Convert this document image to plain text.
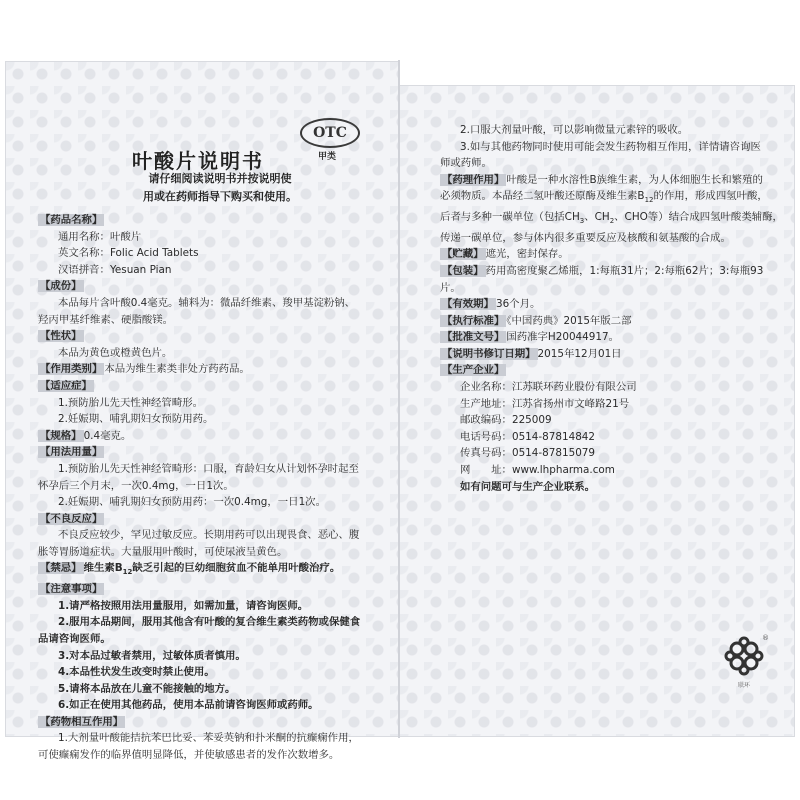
OTC
甲类
叶酸片说明书
请仔细阅读说明书并按说明使
用或在药师指导下购买和使用。
【药品名称】
通用名称：叶酸片
英文名称：Folic Acid Tablets
汉语拼音：Yesuan Pian
【成份】
本品每片含叶酸0.4毫克。辅料为：微晶纤维素、羧甲基淀粉钠、
羟丙甲基纤维素、硬脂酸镁。
【性状】
本品为黄色或橙黄色片。
【作用类别】 本品为维生素类非处方药药品。
【适应症】
1.预防胎儿先天性神经管畸形。
2.妊娠期、哺乳期妇女预防用药。
【规格】 0.4毫克。
【用法用量】
1.预防胎儿先天性神经管畸形：口服，育龄妇女从计划怀孕时起至
怀孕后三个月末，一次0.4mg，一日1次。
2.妊娠期、哺乳期妇女预防用药：一次0.4mg，一日1次。
【不良反应】
不良反应较少，罕见过敏反应。长期用药可以出现畏食、恶心、腹
胀等胃肠道症状。大量服用叶酸时，可使尿液呈黄色。
【禁忌】 维生素$B_{12}$缺乏引起的巨幼细胞贫血不能单用叶酸治疗。
【注意事项】
1.请严格按照用法用量服用，如需加量，请咨询医师。
2.服用本品期间，服用其他含有叶酸的复合维生素类药物或保健食
品请咨询医师。
3.对本品过敏者禁用，过敏体质者慎用。
4.本品性状发生改变时禁止使用。
5.请将本品放在儿童不能接触的地方。
6.如正在使用其他药品，使用本品前请咨询医师或药师。
【药物相互作用】
1.大剂量叶酸能拮抗苯巴比妥、苯妥英钠和扑米酮的抗癫痫作用，
可使癫痫发作的临界值明显降低，并使敏感患者的发作次数增多。
2.口服大剂量叶酸，可以影响微量元素锌的吸收。
3.如与其他药物同时使用可能会发生药物相互作用，详情请咨询医
师或药师。
【药理作用】 叶酸是一种水溶性B族维生素，为人体细胞生长和繁殖的
必须物质。本品经二氢叶酸还原酶及维生素$B_{12}$的作用，形成四氢叶酸，
后者与多种一碳单位（包括$CH_3$、$CH_2$、CHO等）结合成四氢叶酸类辅酶，
传递一碳单位，参与体内很多重要反应及核酸和氨基酸的合成。
【贮藏】 遮光，密封保存。
【包装】 药用高密度聚乙烯瓶，1:每瓶31片；2:每瓶62片；3:每瓶93
片。
【有效期】 36个月。
【执行标准】 《中国药典》2015年版二部
【批准文号】 国药准字H20044917。
【说明书修订日期】 2015年12月01日
【生产企业】
企业名称：江苏联环药业股份有限公司
生产地址：江苏省扬州市文峰路21号
邮政编码：225009
电话号码：0514-87814842
传真号码：0514-87815079
网　　址：www.lhpharma.com
如有问题可与生产企业联系。
®
联环
